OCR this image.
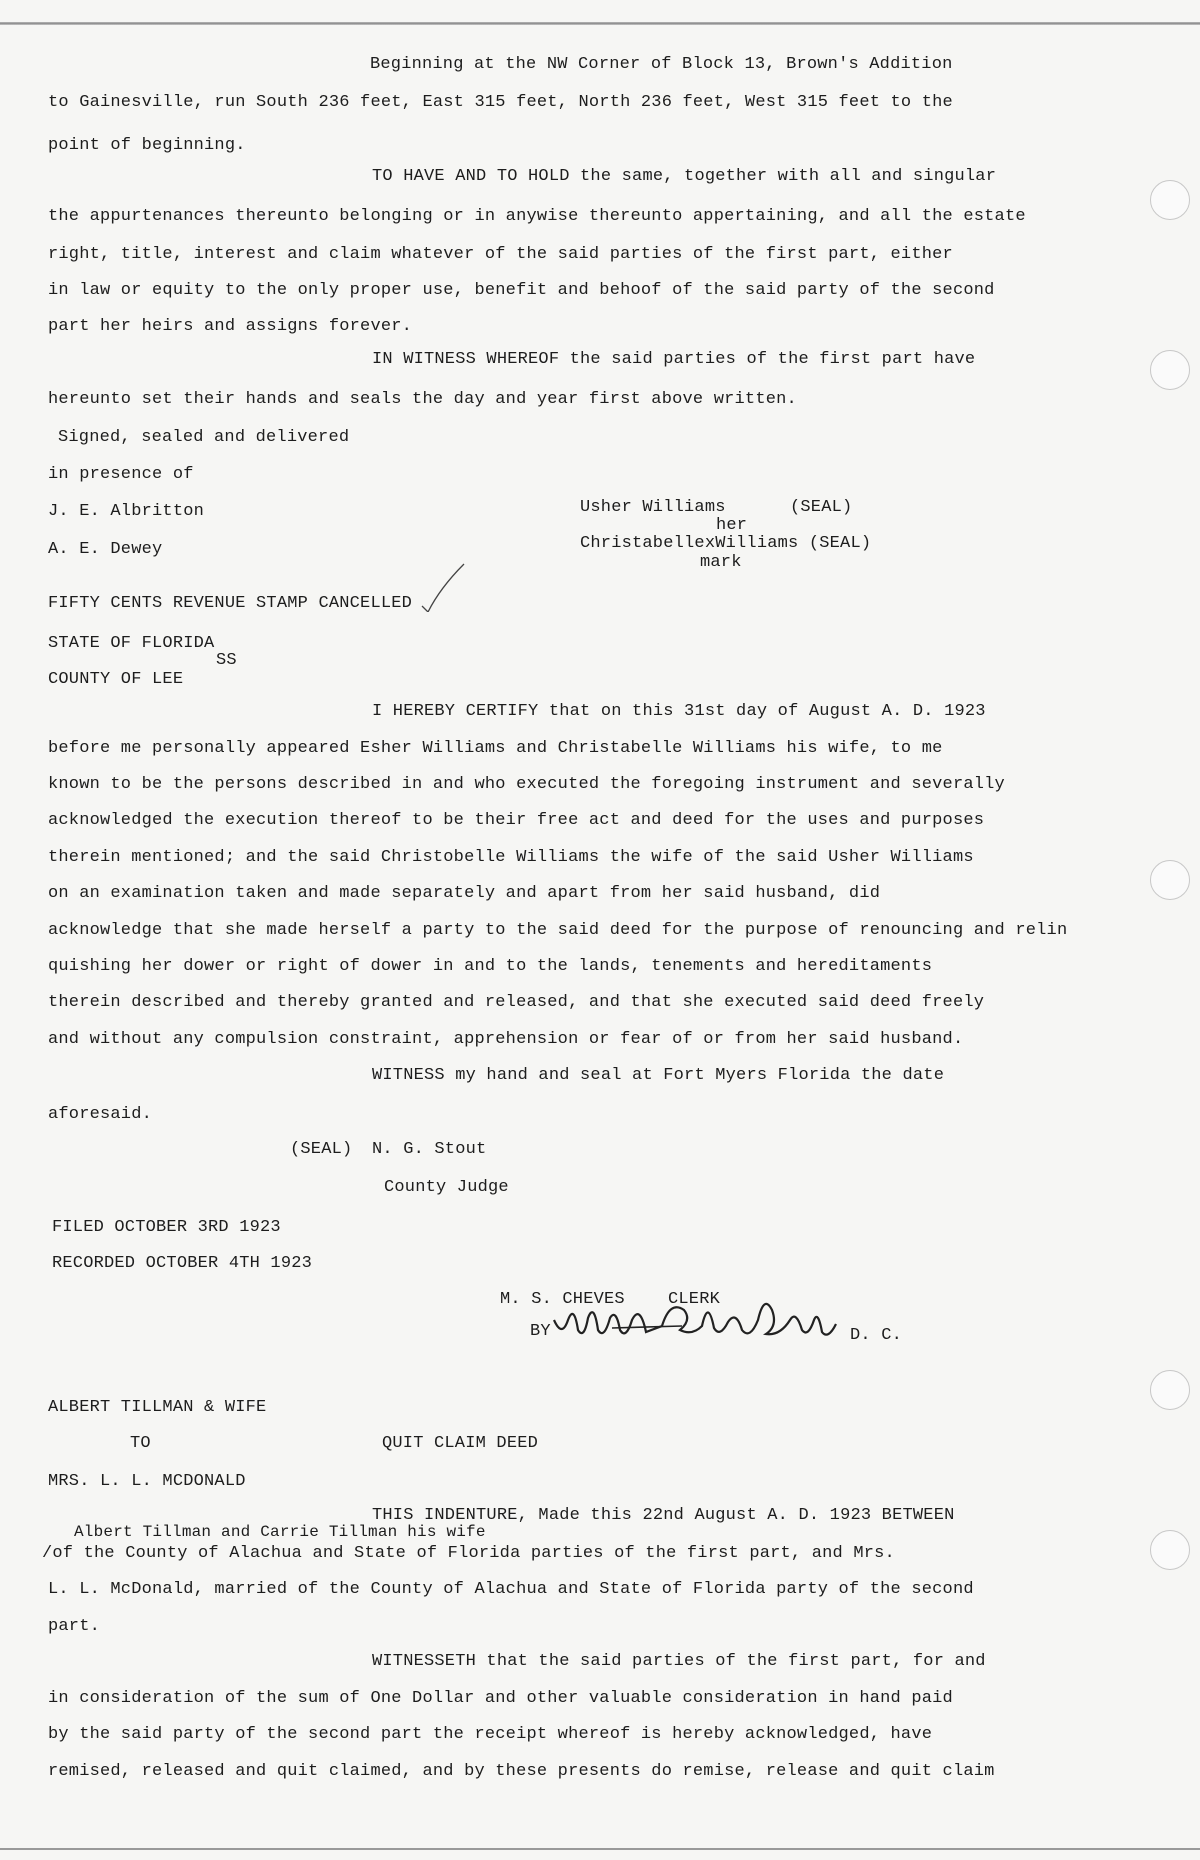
Beginning at the NW Corner of Block 13, Brown's Addition
to Gainesville, run South 236 feet, East 315 feet, North 236 feet, West 315 feet to the
point of beginning.
TO HAVE AND TO HOLD the same, together with all and singular
the appurtenances thereunto belonging or in anywise thereunto appertaining, and all the estate
right, title, interest and claim whatever of the said parties of the first part, either
in law or equity to the only proper use, benefit and behoof of the said party of the second
part her heirs and assigns forever.
IN WITNESS WHEREOF the said parties of the first part have
hereunto set their hands and seals the day and year first above written.
Signed, sealed and delivered
in presence of
J. E. Albritton
A. E. Dewey
Usher Williams	(SEAL)
her
ChristabellexWilliams (SEAL)
mark
FIFTY CENTS REVENUE STAMP CANCELLED
STATE OF FLORIDA
SS
COUNTY OF LEE
I HEREBY CERTIFY that on this 31st day of August A. D. 1923
before me personally appeared Esher Williams and Christabelle Williams his wife, to me
known to be the persons described in and who executed the foregoing instrument and severally
acknowledged the execution thereof to be their free act and deed for the uses and purposes
therein mentioned; and the said Christobelle Williams the wife of the said Usher Williams
on an examination taken and made separately and apart from her said husband, did
acknowledge that she made herself a party to the said deed for the purpose of renouncing and relin
quishing her dower or right of dower in and to the lands, tenements and hereditaments
therein described and thereby granted and released, and that she executed said deed freely
and without any compulsion constraint, apprehension or fear of or from her said husband.
WITNESS my hand and seal at Fort Myers Florida the date
aforesaid.
(SEAL) N. G. Stout
County Judge
FILED OCTOBER 3RD 1923
RECORDED OCTOBER 4TH 1923
M. S. CHEVES	CLERK
BY	D. C.
ALBERT TILLMAN & WIFE
TO	QUIT CLAIM DEED
MRS. L. L. MCDONALD
THIS INDENTURE, Made this 22nd August A. D. 1923 BETWEEN
Albert Tillman and Carrie Tillman his wife
/of the County of Alachua and State of Florida parties of the first part, and Mrs.
L. L. McDonald, married of the County of Alachua and State of Florida party of the second
part.
WITNESSETH that the said parties of the first part, for and
in consideration of the sum of One Dollar and other valuable consideration in hand paid
by the said party of the second part the receipt whereof is hereby acknowledged, have
remised, released and quit claimed, and by these presents do remise, release and quit claim
